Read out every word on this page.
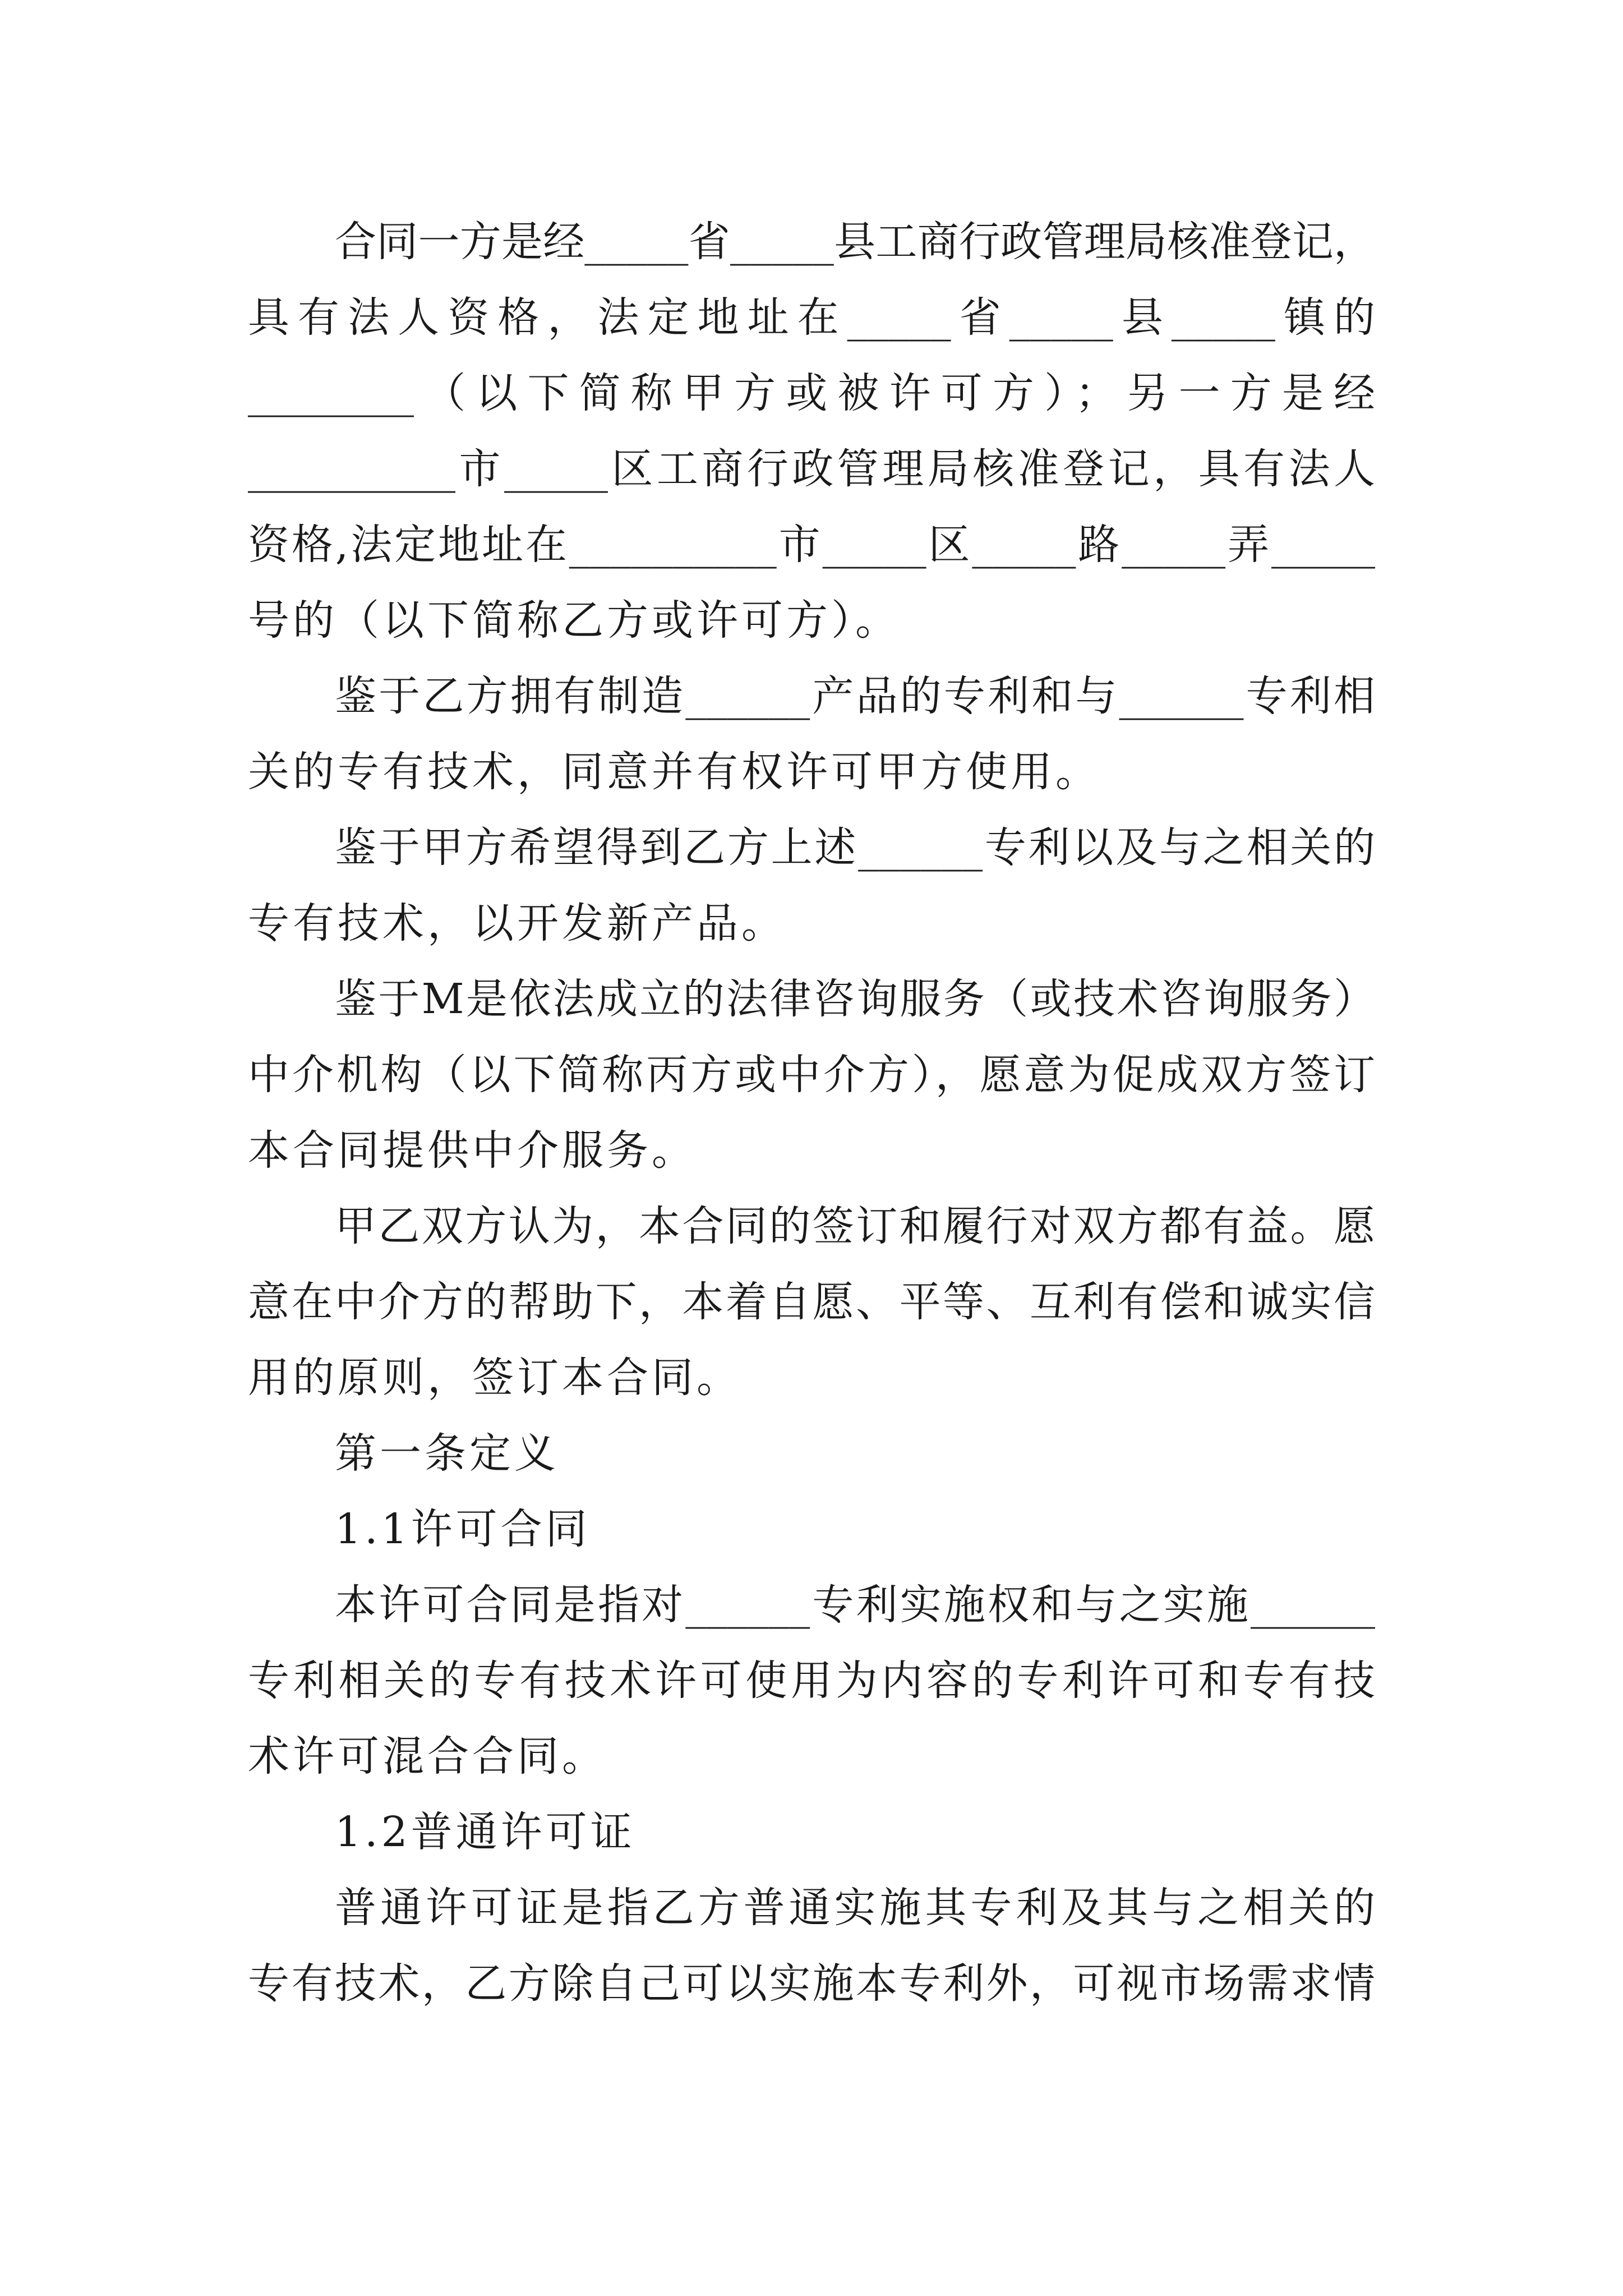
合同一方是经_____省_____县工商行政管理局核准登记，
具有法人资格，法定地址在_____省_____县_____镇的
________（以下简称甲方或被许可方）；另一方是经
__________市_____区工商行政管理局核准登记，具有法人
资格,法定地址在__________市_____区_____路_____弄_____
号的（以下简称乙方或许可方）。
鉴于乙方拥有制造______产品的专利和与______专利相
关的专有技术，同意并有权许可甲方使用。
鉴于甲方希望得到乙方上述______专利以及与之相关的
专有技术，以开发新产品。
鉴于M是依法成立的法律咨询服务（或技术咨询服务）
中介机构（以下简称丙方或中介方），愿意为促成双方签订
本合同提供中介服务。
甲乙双方认为，本合同的签订和履行对双方都有益。愿
意在中介方的帮助下，本着自愿、平等、互利有偿和诚实信
用的原则，签订本合同。
第一条定义
1.1许可合同
本许可合同是指对______专利实施权和与之实施______
专利相关的专有技术许可使用为内容的专利许可和专有技
术许可混合合同。
1.2普通许可证
普通许可证是指乙方普通实施其专利及其与之相关的
专有技术，乙方除自己可以实施本专利外，可视市场需求情
